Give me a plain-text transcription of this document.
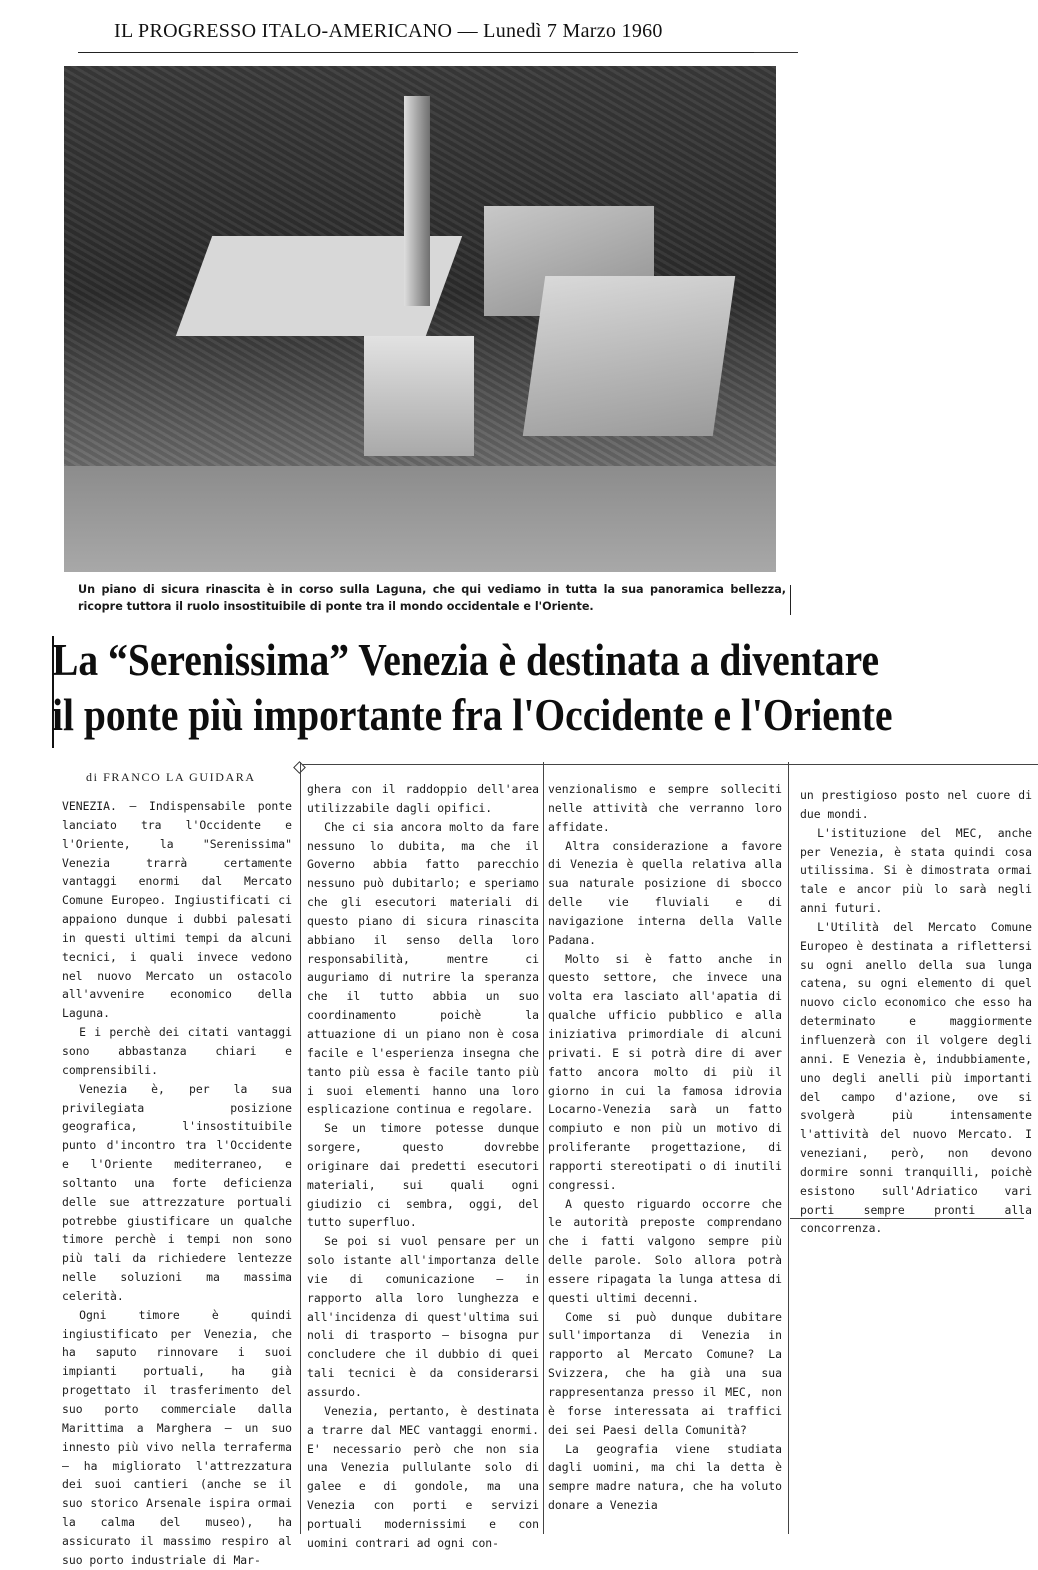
IL PROGRESSO ITALO-AMERICANO — Lunedì 7 Marzo 1960
Un piano di sicura rinascita è in corso sulla Laguna, che qui vediamo in tutta la sua panoramica bellezza, ricopre tuttora il ruolo insostituibile di ponte tra il mondo occidentale e l'Oriente.
La “Serenissima” Venezia è destinata a diventare
il ponte più importante fra l'Occidente e l'Oriente
di FRANCO LA GUIDARA

VENEZIA. — Indispensabile ponte lanciato tra l'Occidente e l'Oriente, la "Serenissima" Venezia trarrà certamente vantaggi enormi dal Mercato Comune Europeo. Ingiustificati ci appaiono dunque i dubbi palesati in questi ultimi tempi da alcuni tecnici, i quali invece vedono nel nuovo Mercato un ostacolo all'avvenire economico della Laguna.

E i perchè dei citati vantaggi sono abbastanza chiari e comprensibili.

Venezia è, per la sua privilegiata posizione geografica, l'insostituibile punto d'incontro tra l'Occidente e l'Oriente mediterraneo, e soltanto una forte deficienza delle sue attrezzature portuali potrebbe giustificare un qualche timore perchè i tempi non sono più tali da richiedere lentezze nelle soluzioni ma massima celerità.

Ogni timore è quindi ingiustificato per Venezia, che ha saputo rinnovare i suoi impianti portuali, ha già progettato il trasferimento del suo porto commerciale dalla Marittima a Marghera — un suo innesto più vivo nella terraferma — ha migliorato l'attrezzatura dei suoi cantieri (anche se il suo storico Arsenale ispira ormai la calma del museo), ha assicurato il massimo respiro al suo porto industriale di Mar-

ghera con il raddoppio dell'area utilizzabile dagli opifici.

Che ci sia ancora molto da fare nessuno lo dubita, ma che il Governo abbia fatto parecchio nessuno può dubitarlo; e speriamo che gli esecutori materiali di questo piano di sicura rinascita abbiano il senso della loro responsabilità, mentre ci auguriamo di nutrire la speranza che il tutto abbia un suo coordinamento poichè la attuazione di un piano non è cosa facile e l'esperienza insegna che tanto più essa è facile tanto più i suoi elementi hanno una loro esplicazione continua e regolare.

Se un timore potesse dunque sorgere, questo dovrebbe originare dai predetti esecutori materiali, sui quali ogni giudizio ci sembra, oggi, del tutto superfluo.

Se poi si vuol pensare per un solo istante all'importanza delle vie di comunicazione — in rapporto alla loro lunghezza e all'incidenza di quest'ultima sui noli di trasporto — bisogna pur concludere che il dubbio di quei tali tecnici è da considerarsi assurdo.

Venezia, pertanto, è destinata a trarre dal MEC vantaggi enormi. E' necessario però che non sia una Venezia pullulante solo di galee e di gondole, ma una Venezia con porti e servizi portuali modernissimi e con uomini contrari ad ogni con-

venzionalismo e sempre solleciti nelle attività che verranno loro affidate.

Altra considerazione a favore di Venezia è quella relativa alla sua naturale posizione di sbocco delle vie fluviali e di navigazione interna della Valle Padana.

Molto si è fatto anche in questo settore, che invece una volta era lasciato all'apatia di qualche ufficio pubblico e alla iniziativa primordiale di alcuni privati. E si potrà dire di aver fatto ancora molto di più il giorno in cui la famosa idrovia Locarno-Venezia sarà un fatto compiuto e non più un motivo di proliferante progettazione, di rapporti stereotipati o di inutili congressi.

A questo riguardo occorre che le autorità preposte comprendano che i fatti valgono sempre più delle parole. Solo allora potrà essere ripagata la lunga attesa di questi ultimi decenni.

Come si può dunque dubitare sull'importanza di Venezia in rapporto al Mercato Comune? La Svizzera, che ha già una sua rappresentanza presso il MEC, non è forse interessata ai traffici dei sei Paesi della Comunità?

La geografia viene studiata dagli uomini, ma chi la detta è sempre madre natura, che ha voluto donare a Venezia

un prestigioso posto nel cuore di due mondi.

L'istituzione del MEC, anche per Venezia, è stata quindi cosa utilissima. Si è dimostrata ormai tale e ancor più lo sarà negli anni futuri.

L'Utilità del Mercato Comune Europeo è destinata a riflettersi su ogni anello della sua lunga catena, su ogni elemento di quel nuovo ciclo economico che esso ha determinato e maggiormente influenzerà con il volgere degli anni. E Venezia è, indubbiamente, uno degli anelli più importanti del campo d'azione, ove si svolgerà più intensamente l'attività del nuovo Mercato. I veneziani, però, non devono dormire sonni tranquilli, poichè esistono sull'Adriatico vari porti sempre pronti alla concorrenza.
